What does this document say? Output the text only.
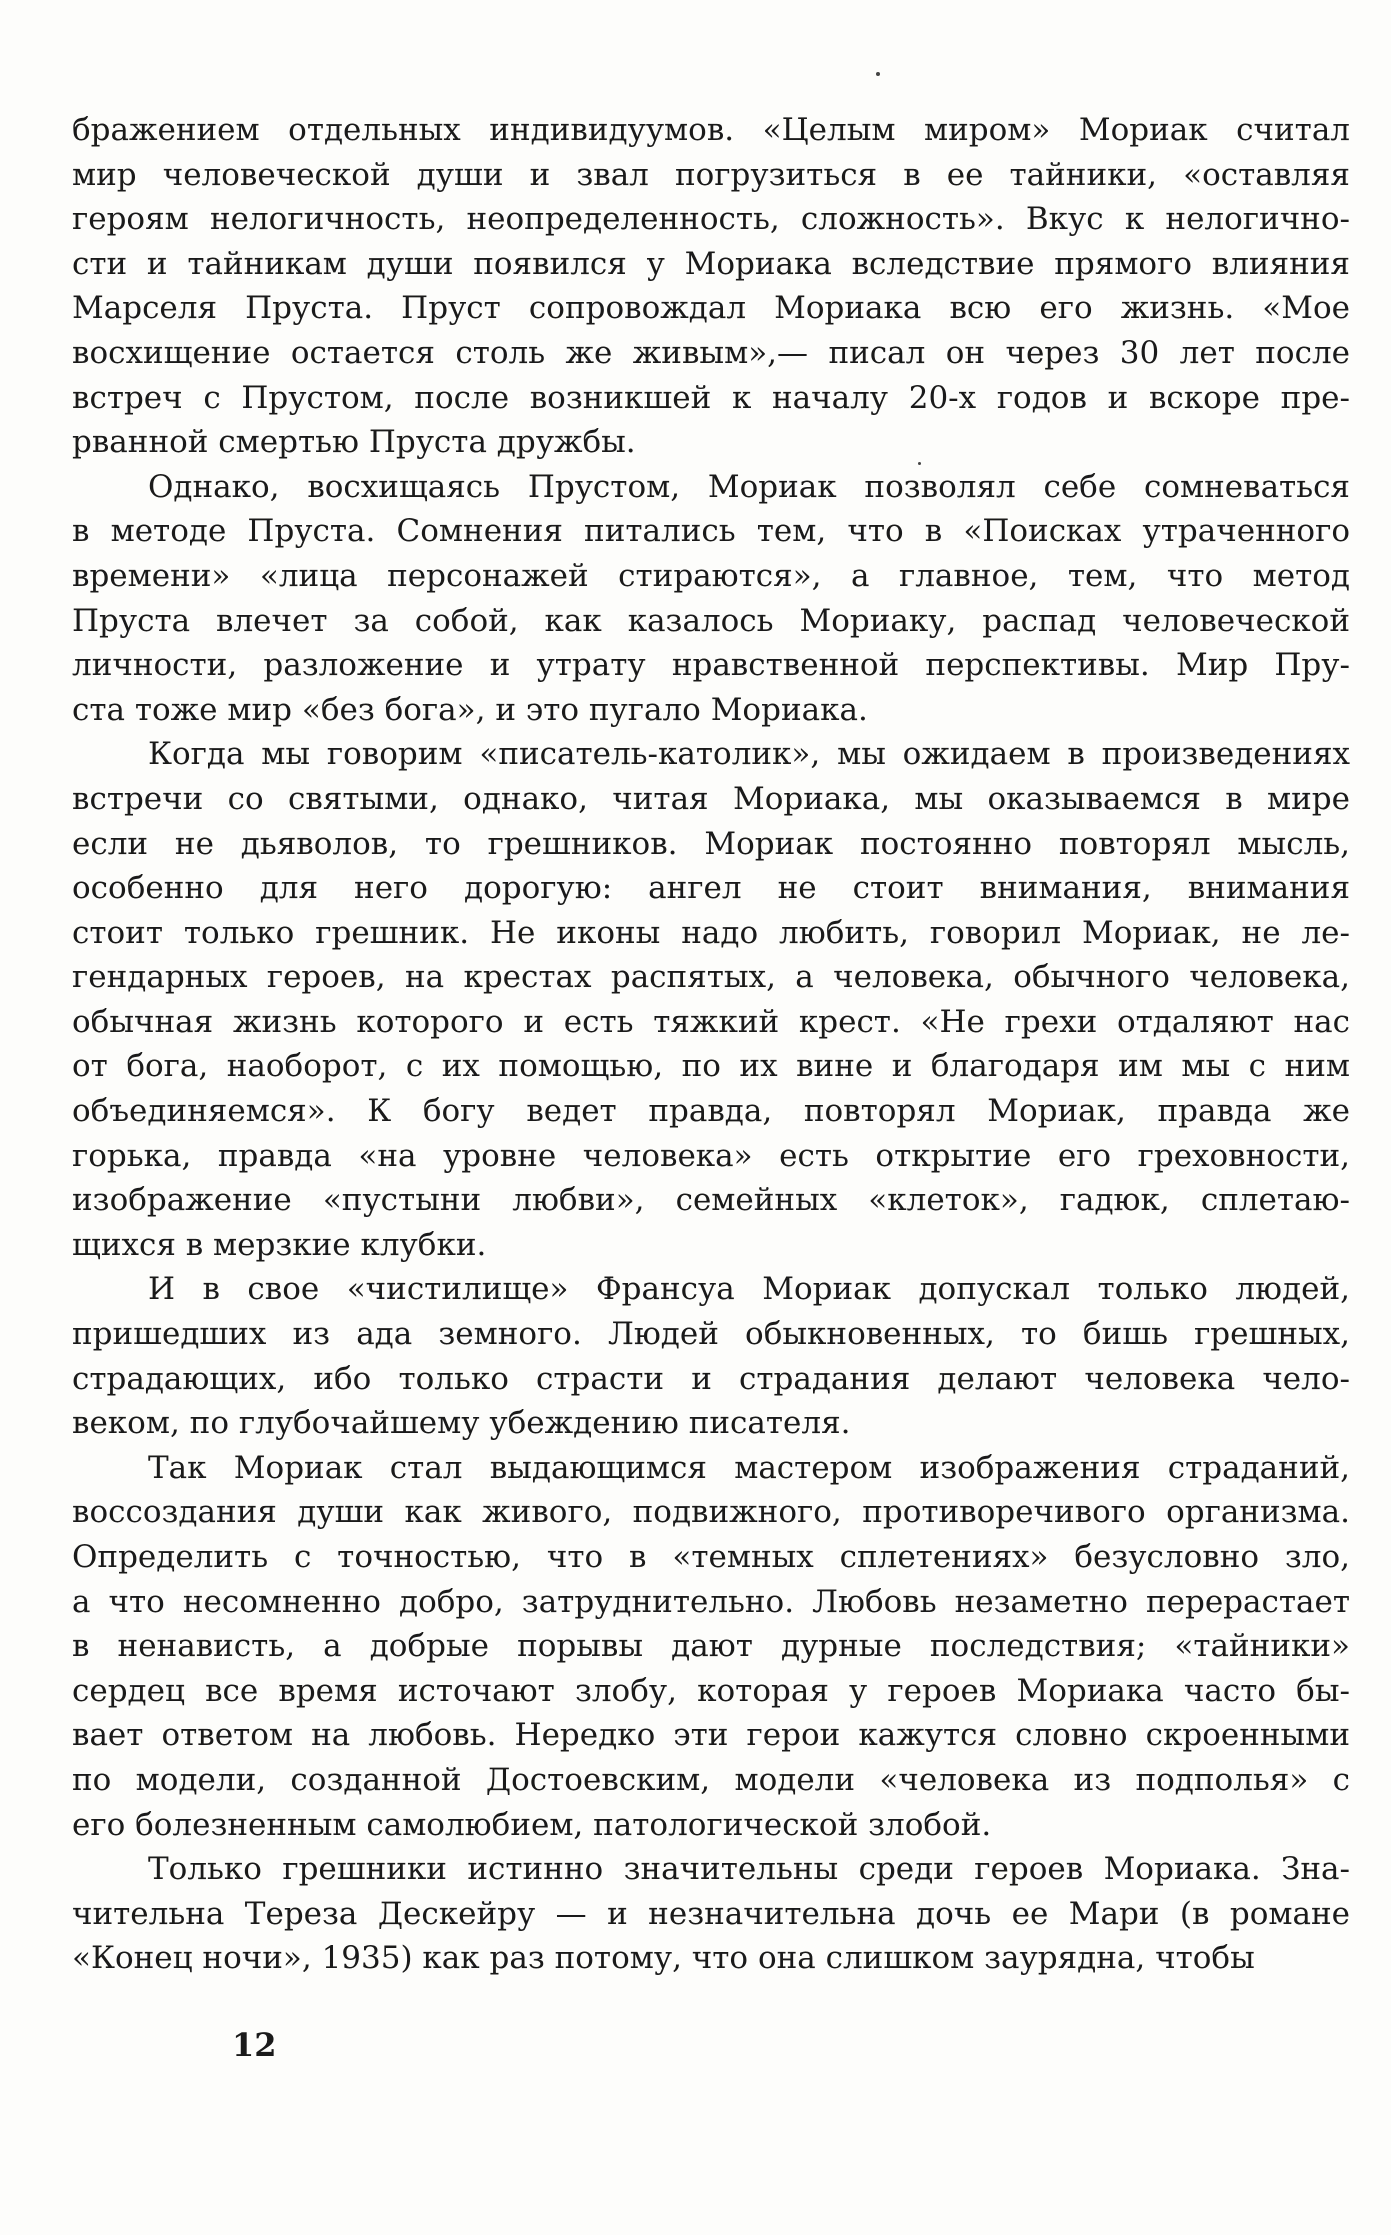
бражением отдельных индивидуумов. «Целым миром» Мориак считал
мир человеческой души и звал погрузиться в ее тайники, «оставляя
героям нелогичность, неопределенность, сложность». Вкус к нелогично-
сти и тайникам души появился у Мориака вследствие прямого влияния
Марселя Пруста. Пруст сопровождал Мориака всю его жизнь. «Мое
восхищение остается столь же живым»,— писал он через 30 лет после
встреч с Прустом, после возникшей к началу 20-х годов и вскоре пре-
рванной смертью Пруста дружбы.
Однако, восхищаясь Прустом, Мориак позволял себе сомневаться
в методе Пруста. Сомнения питались тем, что в «Поисках утраченного
времени» «лица персонажей стираются», а главное, тем, что метод
Пруста влечет за собой, как казалось Мориаку, распад человеческой
личности, разложение и утрату нравственной перспективы. Мир Пру-
ста тоже мир «без бога», и это пугало Мориака.
Когда мы говорим «писатель-католик», мы ожидаем в произведениях
встречи со святыми, однако, читая Мориака, мы оказываемся в мире
если не дьяволов, то грешников. Мориак постоянно повторял мысль,
особенно для него дорогую: ангел не стоит внимания, внимания
стоит только грешник. Не иконы надо любить, говорил Мориак, не ле-
гендарных героев, на крестах распятых, а человека, обычного человека,
обычная жизнь которого и есть тяжкий крест. «Не грехи отдаляют нас
от бога, наоборот, с их помощью, по их вине и благодаря им мы с ним
объединяемся». К богу ведет правда, повторял Мориак, правда же
горька, правда «на уровне человека» есть открытие его греховности,
изображение «пустыни любви», семейных «клеток», гадюк, сплетаю-
щихся в мерзкие клубки.
И в свое «чистилище» Франсуа Мориак допускал только людей,
пришедших из ада земного. Людей обыкновенных, то бишь грешных,
страдающих, ибо только страсти и страдания делают человека чело-
веком, по глубочайшему убеждению писателя.
Так Мориак стал выдающимся мастером изображения страданий,
воссоздания души как живого, подвижного, противоречивого организма.
Определить с точностью, что в «темных сплетениях» безусловно зло,
а что несомненно добро, затруднительно. Любовь незаметно перерастает
в ненависть, а добрые порывы дают дурные последствия; «тайники»
сердец все время источают злобу, которая у героев Мориака часто бы-
вает ответом на любовь. Нередко эти герои кажутся словно скроенными
по модели, созданной Достоевским, модели «человека из подполья» с
его болезненным самолюбием, патологической злобой.
Только грешники истинно значительны среди героев Мориака. Зна-
чительна Тереза Дескейру — и незначительна дочь ее Мари (в романе
«Конец ночи», 1935) как раз потому, что она слишком заурядна, чтобы
12
